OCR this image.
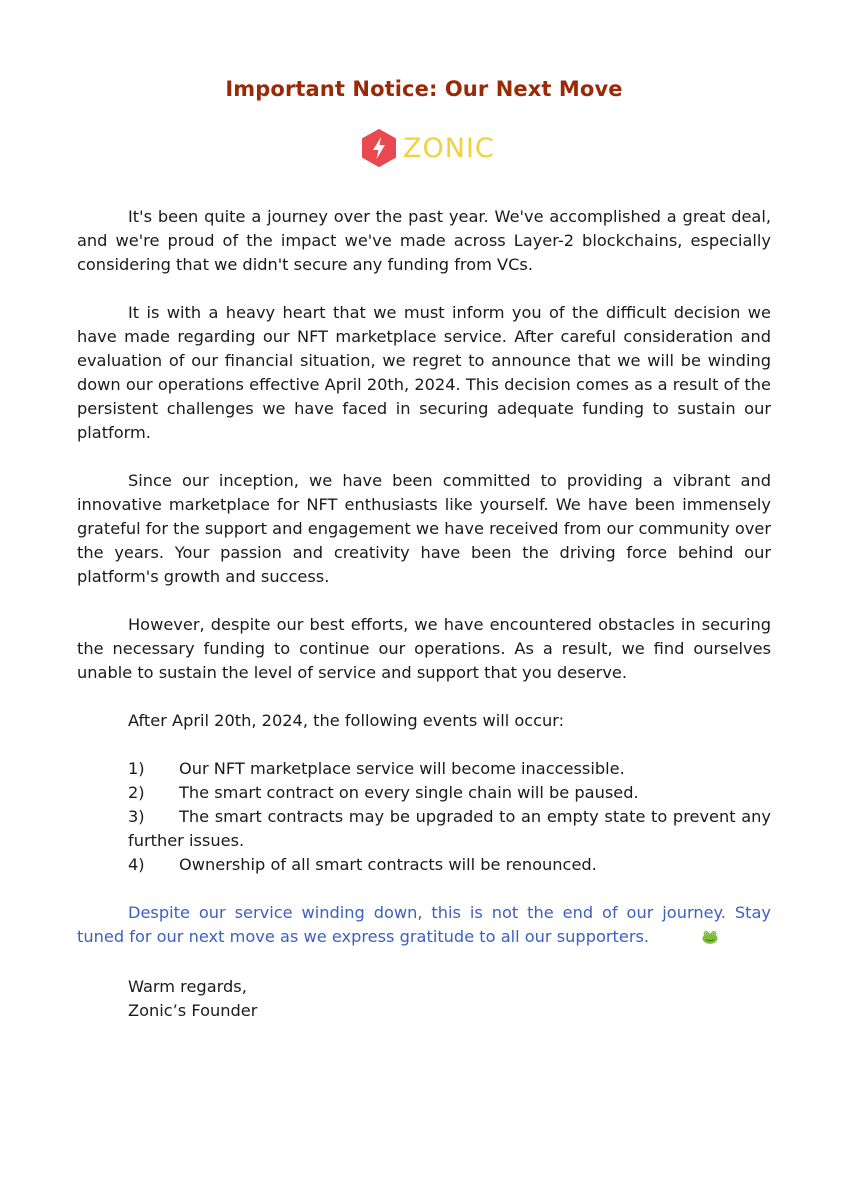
Important Notice: Our Next Move
ZONIC

It's been quite a journey over the past year. We've accomplished a great deal, and we're proud of the impact we've made across Layer-2 blockchains, especially considering that we didn't secure any funding from VCs.

It is with a heavy heart that we must inform you of the difficult decision we have made regarding our NFT marketplace service. After careful consideration and evaluation of our financial situation, we regret to announce that we will be winding down our operations effective April 20th, 2024. This decision comes as a result of the persistent challenges we have faced in securing adequate funding to sustain our platform.

Since our inception, we have been committed to providing a vibrant and innovative marketplace for NFT enthusiasts like yourself. We have been immensely grateful for the support and engagement we have received from our community over the years. Your passion and creativity have been the driving force behind our platform's growth and success.

However, despite our best efforts, we have encountered obstacles in securing the necessary funding to continue our operations. As a result, we find ourselves unable to sustain the level of service and support that you deserve.

After April 20th, 2024, the following events will occur:

1) Our NFT marketplace service will become inaccessible.
2) The smart contract on every single chain will be paused.
3) The smart contracts may be upgraded to an empty state to prevent any further issues.
4) Ownership of all smart contracts will be renounced.

Despite our service winding down, this is not the end of our journey. Stay tuned for our next move as we express gratitude to all our supporters.

Warm regards,
Zonic’s Founder
